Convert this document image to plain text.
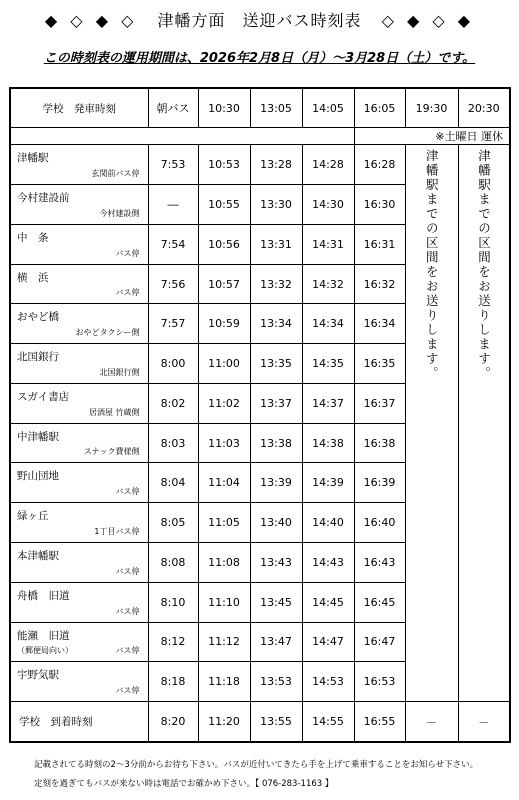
◆ ◇ ◆ ◇ 津幡方面　送迎バス時刻表 ◇ ◆ ◇ ◆
この時刻表の運用期間は、2026年2月8日（月）～3月28日（土）です。
学校　発車時刻	朝バス	10:30	13:05	14:05	16:05	19:30	20:30
					※土曜日 運休		

津幡駅
玄関前バス停	7:53	10:53	13:28	14:28	16:28	津幡駅までの区間をお送りします。	津幡駅までの区間をお送りします。

今村建設前
今村建設側	―	10:55	13:30	14:30	16:30		

中　条
バス停	7:54	10:56	13:31	14:31	16:31		

横　浜
バス停	7:56	10:57	13:32	14:32	16:32		

おやど橋
おやどタクシー側	7:57	10:59	13:34	14:34	16:34		

北国銀行
北国銀行側	8:00	11:00	13:35	14:35	16:35		

スガイ書店
居酒屋 竹蔵側	8:02	11:02	13:37	14:37	16:37		

中津幡駅
スナック費様側	8:03	11:03	13:38	14:38	16:38		

野山団地
バス停	8:04	11:04	13:39	14:39	16:39		

緑ヶ丘
1丁目バス停	8:05	11:05	13:40	14:40	16:40		

本津幡駅
バス停	8:08	11:08	13:43	14:43	16:43		

舟橋　旧道
バス停	8:10	11:10	13:45	14:45	16:45		

能瀬　旧道
（郵便局向い） バス停	8:12	11:12	13:47	14:47	16:47		

宇野気駅
バス停	8:18	11:18	13:53	14:53	16:53		
学校　到着時刻	8:20	11:20	13:55	14:55	16:55	－	－
記載されてる時刻の2～3分前からお待ち下さい。バスが近付いてきたら手を上げて乗車することをお知らせ下さい。
定刻を過ぎてもバスが来ない時は電話でお確かめ下さい。【 076-283-1163 】
